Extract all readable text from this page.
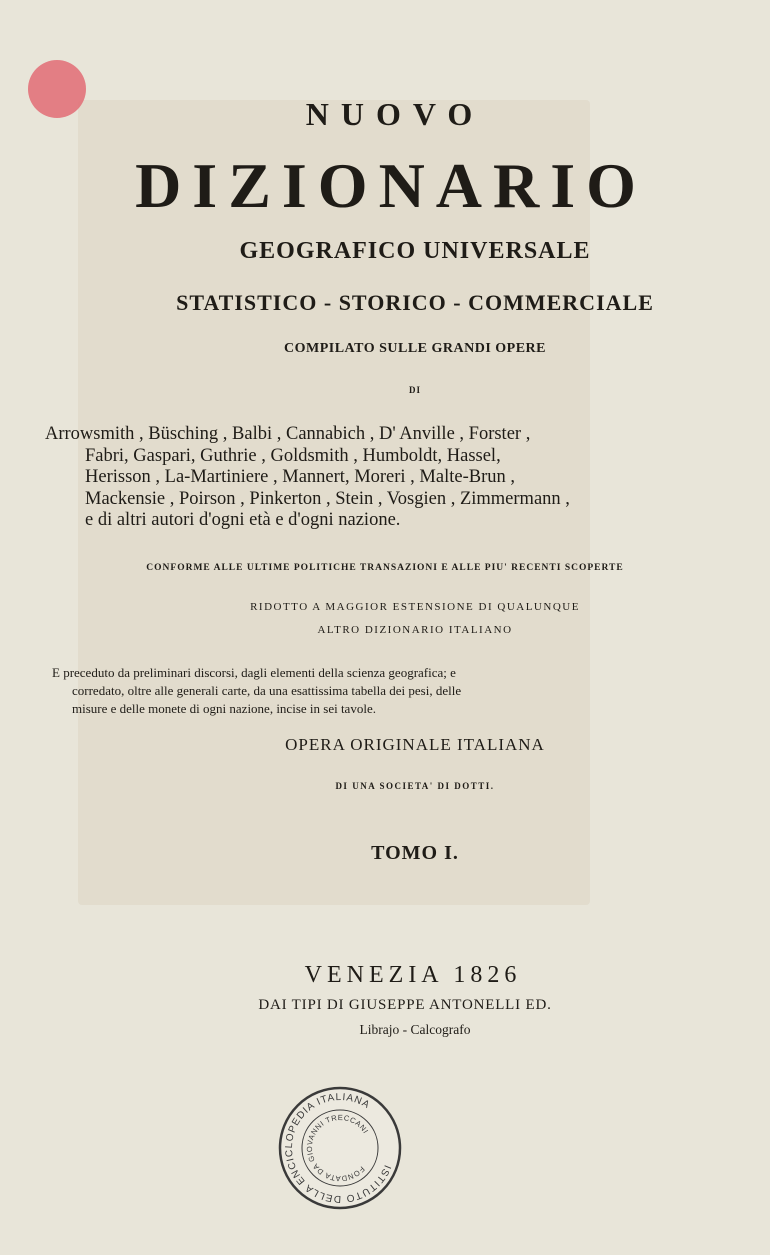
NUOVO

DIZIONARIO

GEOGRAFICO UNIVERSALE

STATISTICO - STORICO - COMMERCIALE

COMPILATO SULLE GRANDI OPERE

DI

Arrowsmith , Büsching , Balbi , Cannabich , D' Anville , Forster ,
Fabri, Gaspari, Guthrie , Goldsmith , Humboldt, Hassel,
Herisson , La-Martiniere , Mannert, Moreri , Malte-Brun ,
Mackensie , Poirson , Pinkerton , Stein , Vosgien , Zimmermann ,
e di altri autori d'ogni età e d'ogni nazione.

CONFORME ALLE ULTIME POLITICHE TRANSAZIONI E ALLE PIU' RECENTI SCOPERTE

RIDOTTO A MAGGIOR ESTENSIONE DI QUALUNQUE

ALTRO DIZIONARIO ITALIANO

E preceduto da preliminari discorsi, dagli elementi della scienza geografica; e
corredato, oltre alle generali carte, da una esattissima tabella dei pesi, delle
misure e delle monete di ogni nazione, incise in sei tavole.

OPERA ORIGINALE ITALIANA

DI UNA SOCIETA' DI DOTTI.

TOMO I.

VENEZIA 1826

DAI TIPI DI GIUSEPPE ANTONELLI ED.

Librajo - Calcografo

ISTITUTO DELLA ENCICLOPEDIA ITALIANA
FONDATA DA GIOVANNI TRECCANI
